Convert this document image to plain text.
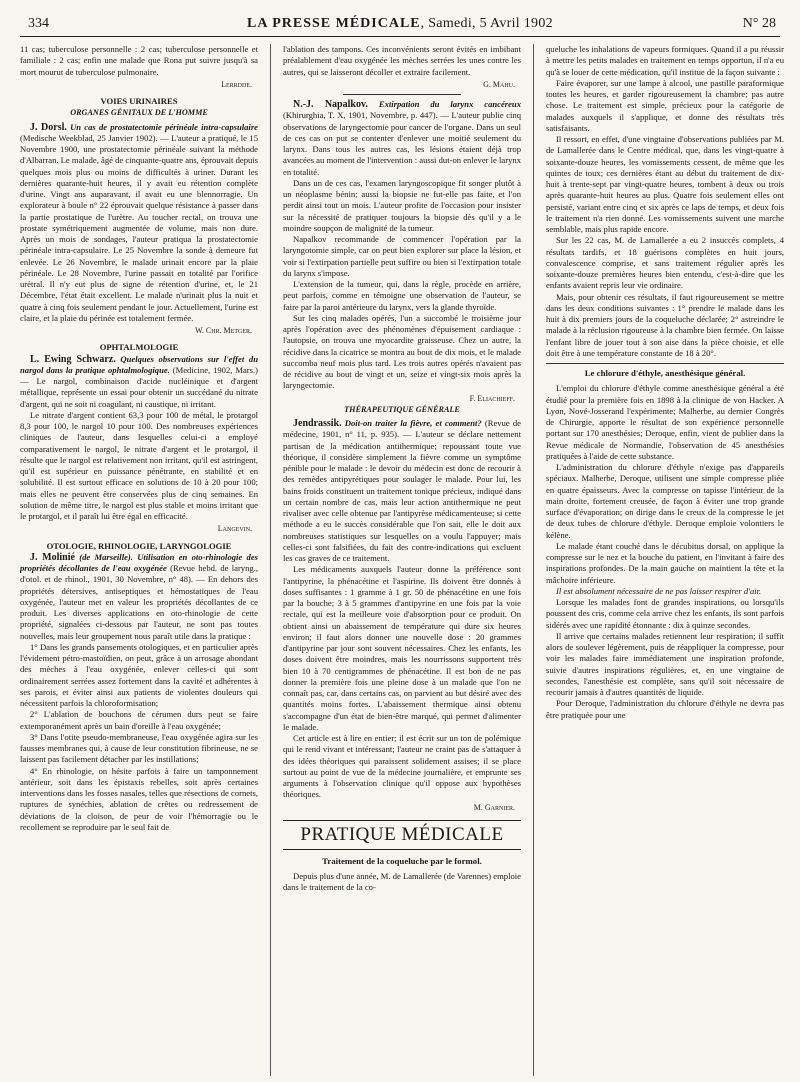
334	LA PRESSE MÉDICALE, Samedi, 5 Avril 1902	N° 28

11 cas; tuberculose personnelle : 2 cas; tuberculose personnelle et familiale : 2 cas; enfin une malade que Rona put suivre jusqu'à sa mort mourut de tuberculose pulmonaire.

Lerrdde.
VOIES URINAIRES
ORGANES GÉNITAUX DE L'HOMME

J. Dorsl. Un cas de prostatectomie périnéale intra-capsulaire (Medische Weekblad, 25 Janvier 1902). — L'auteur a pratiqué, le 15 Novembre 1900, une prostatectomie périnéale suivant la méthode d'Albarran. Le malade, âgé de cinquante-quatre ans, éprouvait depuis quelques mois plus ou moins de difficultés à uriner. Durant les dernières quarante-huit heures, il y avait eu rétention complète d'urine. Vingt ans auparavant, il avait eu une blennorragie. Un explorateur à boule n° 22 éprouvait quelque résistance à passer dans la partie prostatique de l'urètre. Au toucher rectal, on trouva une prostate symétriquement augmentée de volume, mais non dure. Après un mois de sondages, l'auteur pratiqua la prostatectomie périnéale intra-capsulaire. Le 25 Novembre la sonde à demeure fut enlevée. Le 26 Novembre, le malade urinait encore par la plaie périnéale. Le 28 Novembre, l'urine passait en totalité par l'orifice urétral. Il n'y eut plus de signe de rétention d'urine, et, le 21 Décembre, l'état était excellent. Le malade n'urinait plus la nuit et quatre à cinq fois seulement pendant le jour. Actuellement, l'urine est claire, et la plaie du périnée est totalement fermée.

W. Chr. Metger.
OPHTALMOLOGIE

L. Ewing Schwarz. Quelques observations sur l'effet du nargol dans la pratique ophtalmologique. (Medicine, 1902, Mars.) — Le nargol, combinaison d'acide nucléinique et d'argent métallique, représente un essai pour obtenir un succédané du nitrate d'argent, qui ne soit ni coagulant, ni caustique, ni irritant.

Le nitrate d'argent contient 63,3 pour 100 de métal, le protargol 8,3 pour 100, le nargol 10 pour 100. Des nombreuses expériences cliniques de l'auteur, dans lesquelles celui-ci a employé comparativement le nargol, le nitrate d'argent et le protargol, il résulte que le nargol est relativement non irritant, qu'il est astringent, qu'il est supérieur en puissance pénétrante, en stabilité et en solubilité. Il est surtout efficace en solutions de 10 à 20 pour 100; mais elles ne peuvent être conservées plus de cinq semaines. En solution de même titre, le nargol est plus stable et moins irritant que le protargol, et il paraît lui être égal en efficacité.

Langevin.
OTOLOGIE, RHINOLOGIE, LARYNGOLOGIE

J. Molinié (de Marseille). Utilisation en oto-rhinologie des propriétés décollantes de l'eau oxygénée (Revue hebd. de laryng., d'otol. et de rhinol., 1901, 30 Novembre, n° 48). — En dehors des propriétés détersives, antiseptiques et hémostatiques de l'eau oxygénée, l'auteur met en valeur les propriétés décollantes de ce produit. Les diverses applications en oto-rhinologie de cette propriété, signalées ci-dessous par l'auteur, ne sont pas toutes nouvelles, mais leur groupement nous paraît utile dans la pratique :

1° Dans les grands pansements otologiques, et en particulier après l'évidement pétro-mastoïdien, on peut, grâce à un arrosage abondant des mèches à l'eau oxygénée, enlever celles-ci qui sont ordinairement serrées assez fortement dans la cavité et adhérentes à ses parois, et éviter ainsi aux patients de violentes douleurs qui nécessitent parfois la chloroformisation;

2° L'ablation de bouchons de cérumen durs peut se faire extemporanément après un bain d'oreille à l'eau oxygénée;

3° Dans l'otite pseudo-membraneuse, l'eau oxygénée agira sur les fausses membranes qui, à cause de leur constitution fibrineuse, ne se laissent pas facilement détacher par les instillations;

4° En rhinologie, on hésite parfois à faire un tamponnement antérieur, soit dans les épistaxis rebelles, soit après certaines interventions dans les fosses nasales, telles que résections de cornets, ruptures de synéchies, ablation de crêtes ou redressement de déviations de la cloison, de peur de voir l'hémorragie ou le recollement se reproduire par le seul fait de

l'ablation des tampons. Ces inconvénients seront évités en imbibant préalablement d'eau oxygénée les mèches serrées les unes contre les autres, qui se laisseront décoller et extraire facilement.

G. Mahu.

N.-J. Napalkov. Extirpation du larynx cancéreux (Khirurghia, T. X, 1901, Novembre, p. 447). — L'auteur publie cinq observations de laryngectomie pour cancer de l'organe. Dans un seul de ces cas on put se contenter d'enlever une moitié seulement du larynx. Dans tous les autres cas, les lésions étaient déjà trop avancées au moment de l'intervention : aussi dut-on enlever le larynx en totalité.

Dans un de ces cas, l'examen laryngoscopique fit songer plutôt à un néoplasme bénin; aussi la biopsie ne fut-elle pas faite, et l'on perdit ainsi tout un mois. L'auteur profite de l'occasion pour insister sur la nécessité de pratiquer toujours la biopsie dès qu'il y a le moindre soupçon de malignité de la tumeur.

Napalkov recommande de commencer l'opération par la laryngotomie simple, car on peut bien explorer sur place la lésion, et voir si l'extirpation partielle peut suffire ou bien si l'extirpation totale du larynx s'impose.

L'extension de la tumeur, qui, dans la règle, procède en arrière, peut parfois, comme en témoigne une observation de l'auteur, se faire par la paroi antérieure du larynx, vers la glande thyroïde.

Sur les cinq malades opérés, l'un a succombé le troisième jour après l'opération avec des phénomènes d'épuisement cardiaque : l'autopsie, on trouva une myocardite graisseuse. Chez un autre, la récidive dans la cicatrice se montra au bout de dix mois, et le malade succomba neuf mois plus tard. Les trois autres opérés n'avaient pas de récidive au bout de vingt et un, seize et vingt-six mois après la laryngectomie.

F. Eliachieff.
THÉRAPEUTIQUE GÉNÉRALE

Jendrassik. Doit-on traiter la fièvre, et comment? (Revue de médecine, 1901, n° 11, p. 935). — L'auteur se déclare nettement partisan de la médication antithermique; repoussant toute vue théorique, il considère simplement la fièvre comme un symptôme pénible pour le malade : le devoir du médecin est donc de recourir à des remèdes antipyrétiques pour soulager le malade. Pour lui, les bains froids constituent un traitement tonique précieux, indiqué dans un certain nombre de cas, mais leur action antithermique ne peut rivaliser avec celle obtenue par l'antipyrèse médicamenteuse; si cette méthode a eu le succès considérable que l'on sait, elle le doit aux nombreuses statistiques sur lesquelles on a voulu l'appuyer; mais celles-ci sont falsifiées, du fait des contre-indications qui excluent les cas graves de ce traitement.

Les médicaments auxquels l'auteur donne la préférence sont l'antipyrine, la phénacétine et l'aspirine. Ils doivent être donnés à doses suffisantes : 1 gramme à 1 gr. 50 de phénacétine en une fois par la bouche; 3 à 5 grammes d'antipyrine en une fois par la voie rectale, qui est la meilleure voie d'absorption pour ce produit. On obtient ainsi un abaissement de température qui dure six heures environ; il faut alors donner une nouvelle dose : 20 grammes d'antipyrine par jour sont souvent nécessaires. Chez les enfants, les doses doivent être moindres, mais les nourrissons supportent très bien 10 à 70 centigrammes de phénacétine. Il est bon de ne pas donner la première fois une pleine dose à un malade que l'on ne connaît pas, car, dans certains cas, on parvient au but désiré avec des quantités moins fortes. L'abaissement thermique ainsi obtenu s'accompagne d'un état de bien-être marqué, qui permet d'alimenter le malade.

Cet article est à lire en entier; il est écrit sur un ton de polémique qui le rend vivant et intéressant; l'auteur ne craint pas de s'attaquer à des idées théoriques qui paraissent solidement assises; il se place surtout au point de vue de la médecine journalière, et emprunte ses arguments à l'observation clinique qu'il oppose aux hypothèses théoriques.

M. Garnier.
PRATIQUE MÉDICALE
Traitement de la coqueluche par le formol.

Depuis plus d'une année, M. de Lamallerée (de Varennes) emploie dans le traitement de la co-

queluche les inhalations de vapeurs formiques. Quand il a pu réussir à mettre les petits malades en traitement en temps opportun, il n'a eu qu'à se louer de cette médication, qu'il institue de la façon suivante :

Faire évaporer, sur une lampe à alcool, une pastille paraformique toutes les heures, et garder rigoureusement la chambre; pas autre chose. Le traitement est simple, précieux pour la catégorie de malades auxquels il s'applique, et donne des résultats très satisfaisants.

Il ressort, en effet, d'une vingtaine d'observations publiées par M. de Lamallerée dans le Centre médical, que, dans les vingt-quatre à soixante-douze heures, les vomissements cessent, de même que les quintes de toux; ces dernières étant au début du traitement de dix-huit à trente-sept par vingt-quatre heures, tombent à deux ou trois après quarante-huit heures au plus. Quatre fois seulement elles ont persisté, variant entre cinq et six après ce laps de temps, et deux fois le traitement n'a rien donné. Les vomissements suivent une marche semblable, mais plus rapide encore.

Sur les 22 cas, M. de Lamallerée a eu 2 insuccès complets, 4 résultats tardifs, et 18 guérisons complètes en huit jours, convalescence comprise, et sans traitement régulier après les soixante-douze premières heures bien entendu, c'est-à-dire que les enfants avaient repris leur vie ordinaire.

Mais, pour obtenir ces résultats, il faut rigoureusement se mettre dans les deux conditions suivantes : 1° prendre le malade dans les huit à dix premiers jours de la coqueluche déclarée; 2° astreindre le malade à la réclusion rigoureuse à la chambre bien fermée. On laisse l'enfant libre de jouer tout à son aise dans la pièce choisie, et elle doit être à une température constante de 18 à 20°.

Le chlorure d'éthyle, anesthésique général.

L'emploi du chlorure d'éthyle comme anesthésique général a été étudié pour la première fois en 1898 à la clinique de von Hacker. A Lyon, Nové-Josserand l'expérimente; Malherbe, au dernier Congrès de Chirurgie, apporte le résultat de son expérience personnelle portant sur 170 anesthésies; Deroque, enfin, vient de publier dans la Revue médicale de Normandie, l'observation de 45 anesthésies pratiquées à l'aide de cette substance.

L'administration du chlorure d'éthyle n'exige pas d'appareils spéciaux. Malherbe, Deroque, utilisent une simple compresse pliée en quatre épaisseurs. Avec la compresse on tapisse l'intérieur de la main droite, fortement creusée, de façon à éviter une trop grande surface d'évaporation; on dirige dans le creux de la compresse le jet de deux tubes de chlorure d'éthyle. Deroque emploie volontiers le kélène.

Le malade étant couché dans le décubitus dorsal, on applique la compresse sur le nez et la bouche du patient, en l'invitant à faire des inspirations profondes. De la main gauche on maintient la tête et la mâchoire inférieure.

Il est absolument nécessaire de ne pas laisser respirer d'air.

Lorsque les malades font de grandes inspirations, ou lorsqu'ils poussent des cris, comme cela arrive chez les enfants, ils sont parfois sidérés avec une rapidité étonnante : dix à quinze secondes.

Il arrive que certains malades retiennent leur respiration; il suffit alors de soulever légèrement, puis de réappliquer la compresse, pour voir les malades faire immédiatement une inspiration profonde, suivie d'autres inspirations régulières, et, en une vingtaine de secondes, l'anesthésie est complète, sans qu'il soit nécessaire de recourir jamais à d'autres quantités de liquide.

Pour Deroque, l'administration du chlorure d'éthyle ne devra pas être pratiquée pour une
